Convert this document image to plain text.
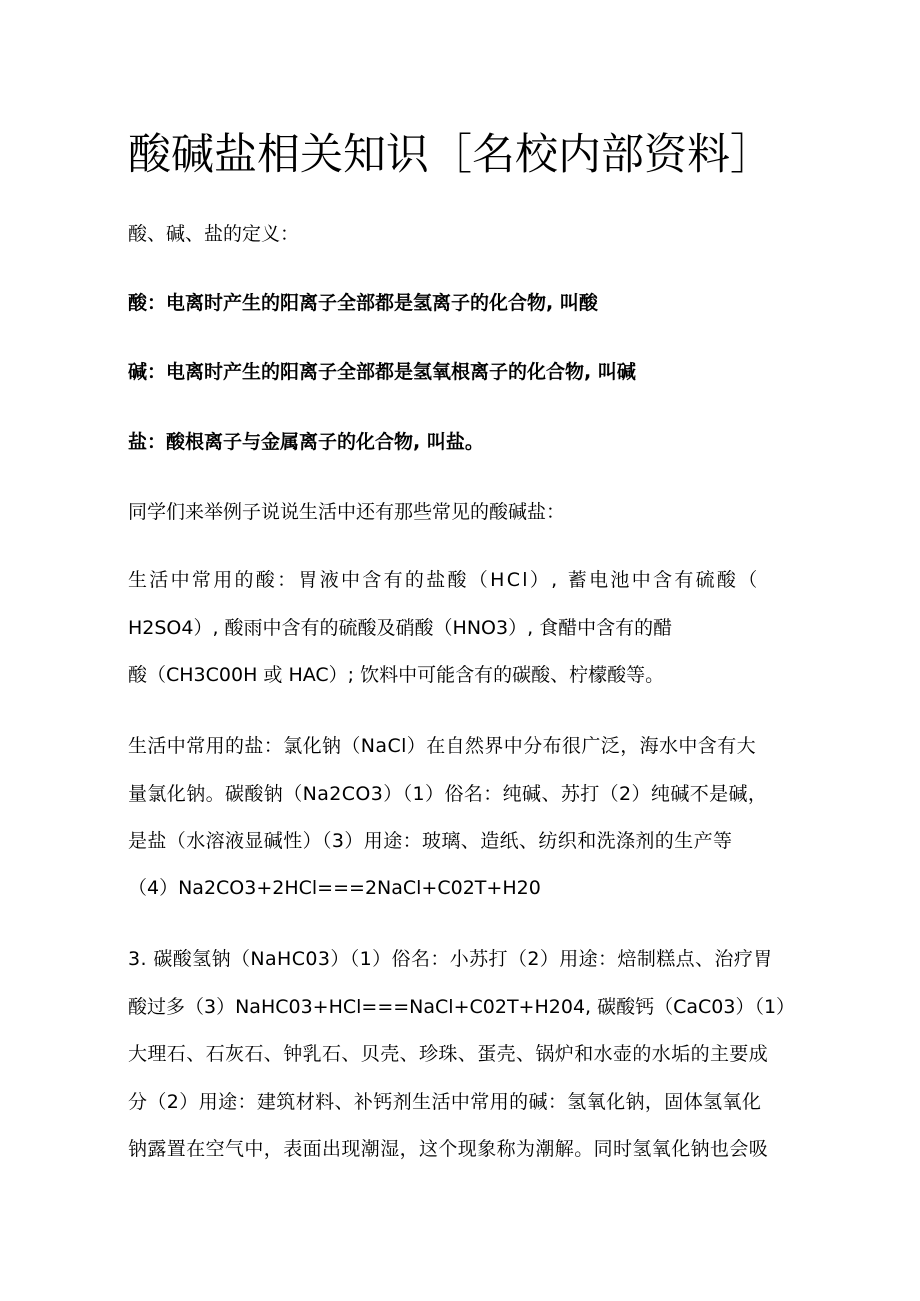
酸碱盐相关知识［名校内部资料］

酸、碱、盐的定义：

酸：电离时产生的阳离子全部都是氢离子的化合物, 叫酸

碱：电离时产生的阳离子全部都是氢氧根离子的化合物, 叫碱

盐：酸根离子与金属离子的化合物, 叫盐。

同学们来举例子说说生活中还有那些常见的酸碱盐：

生活中常用的酸：胃液中含有的盐酸（HCl）, 蓄电池中含有硫酸（
H2SO4）, 酸雨中含有的硫酸及硝酸（HNO3）, 食醋中含有的醋
酸（CH3C00H 或 HAC）; 饮料中可能含有的碳酸、柠檬酸等。
生活中常用的盐：氯化钠（NaCl）在自然界中分布很广泛，海水中含有大
量氯化钠。碳酸钠（Na2CO3）（1）俗名：纯碱、苏打（2）纯碱不是碱，
是盐（水溶液显碱性）（3）用途：玻璃、造纸、纺织和洗涤剂的生产等
（4）Na2CO3+2HCl===2NaCl+C02T+H20
3. 碳酸氢钠（NaHC03）（1）俗名：小苏打（2）用途：焙制糕点、治疗胃
酸过多（3）NaHC03+HCl===NaCl+C02T+H204, 碳酸钙（CaC03）（1）
大理石、石灰石、钟乳石、贝壳、珍珠、蛋壳、锅炉和水壶的水垢的主要成
分（2）用途：建筑材料、补钙剂生活中常用的碱：氢氧化钠，固体氢氧化
钠露置在空气中，表面出现潮湿，这个现象称为潮解。同时氢氧化钠也会吸
